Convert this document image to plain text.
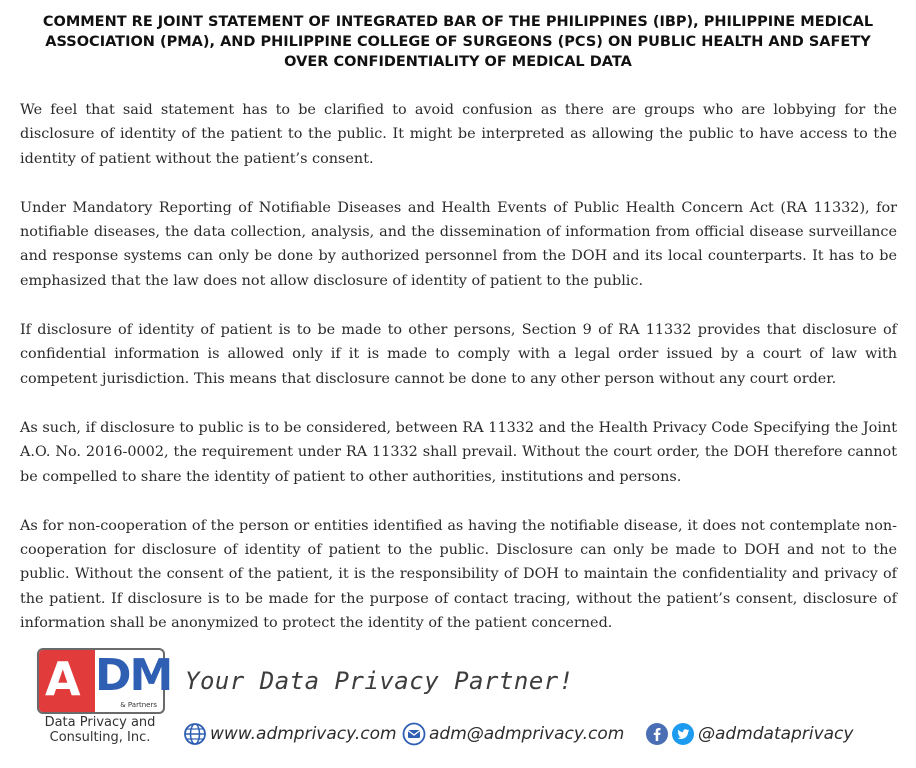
COMMENT RE JOINT STATEMENT OF INTEGRATED BAR OF THE PHILIPPINES (IBP), PHILIPPINE MEDICAL ASSOCIATION (PMA), AND PHILIPPINE COLLEGE OF SURGEONS (PCS) ON PUBLIC HEALTH AND SAFETY OVER CONFIDENTIALITY OF MEDICAL DATA

We feel that said statement has to be clarified to avoid confusion as there are groups who are lobbying for the disclosure of identity of the patient to the public. It might be interpreted as allowing the public to have access to the identity of patient without the patient’s consent.

Under Mandatory Reporting of Notifiable Diseases and Health Events of Public Health Concern Act (RA 11332), for notifiable diseases, the data collection, analysis, and the dissemination of information from official disease surveillance and response systems can only be done by authorized personnel from the DOH and its local counterparts. It has to be emphasized that the law does not allow disclosure of identity of patient to the public.

If disclosure of identity of patient is to be made to other persons, Section 9 of RA 11332 provides that disclosure of confidential information is allowed only if it is made to comply with a legal order issued by a court of law with competent jurisdiction. This means that disclosure cannot be done to any other person without any court order.

As such, if disclosure to public is to be considered, between RA 11332 and the Health Privacy Code Specifying the Joint A.O. No. 2016-0002, the requirement under RA 11332 shall prevail. Without the court order, the DOH therefore cannot be compelled to share the identity of patient to other authorities, institutions and persons.

As for non-cooperation of the person or entities identified as having the notifiable disease, it does not contemplate non-cooperation for disclosure of identity of patient to the public. Disclosure can only be made to DOH and not to the public. Without the consent of the patient, it is the responsibility of DOH to maintain the confidentiality and privacy of the patient. If disclosure is to be made for the purpose of contact tracing, without the patient’s consent, disclosure of information shall be anonymized to protect the identity of the patient concerned.

A DM
& Partners
Data Privacy and
Consulting, Inc.
Your Data Privacy Partner!
www.admprivacy.com adm@admprivacy.com	@admdataprivacy
